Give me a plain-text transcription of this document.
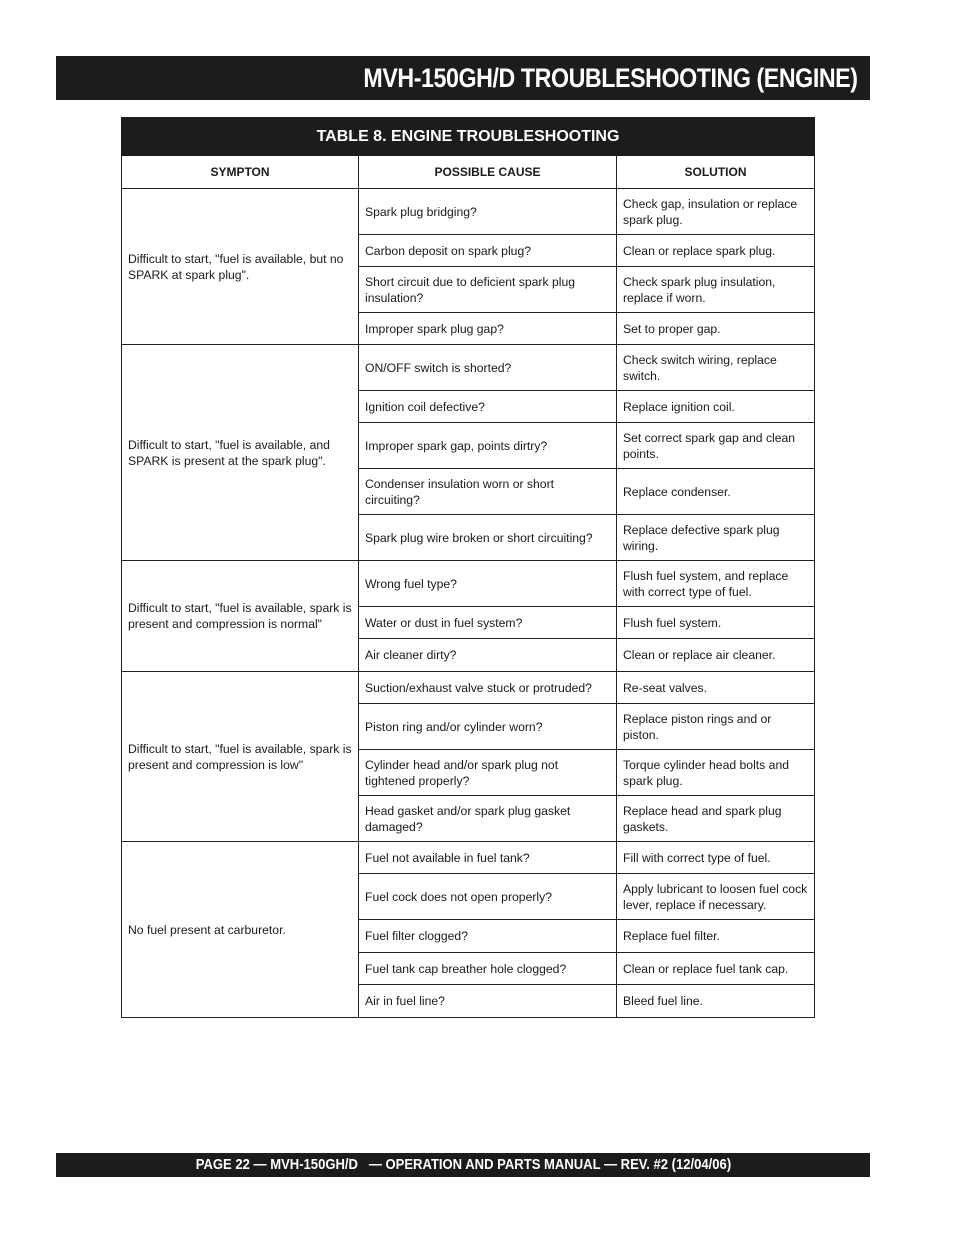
MVH-150GH/D TROUBLESHOOTING (ENGINE)
TABLE 8. ENGINE TROUBLESHOOTING		
SYMPTON	POSSIBLE CAUSE	SOLUTION
Difficult to start, "fuel is available, but no SPARK at spark plug".	Spark plug bridging?	Check gap, insulation or replace spark plug.
	Carbon deposit on spark plug?	Clean or replace spark plug.
	Short circuit due to deficient spark plug insulation?	Check spark plug insulation, replace if worn.
	Improper spark plug gap?	Set to proper gap.
Difficult to start, "fuel is available, and SPARK is present at the spark plug".	ON/OFF switch is shorted?	Check switch wiring, replace switch.
	Ignition coil defective?	Replace ignition coil.
	Improper spark gap, points dirtry?	Set correct spark gap and clean points.
	Condenser insulation worn or short circuiting?	Replace condenser.
	Spark plug wire broken or short circuiting?	Replace defective spark plug wiring.
Difficult to start, "fuel is available, spark is present and compression is normal"	Wrong fuel type?	Flush fuel system, and replace with correct type of fuel.
	Water or dust in fuel system?	Flush fuel system.
	Air cleaner dirty?	Clean or replace air cleaner.
Difficult to start, "fuel is available, spark is present and compression is low"	Suction/exhaust valve stuck or protruded?	Re-seat valves.
	Piston ring and/or cylinder worn?	Replace piston rings and or piston.
	Cylinder head and/or spark plug not tightened properly?	Torque cylinder head bolts and spark plug.
	Head gasket and/or spark plug gasket damaged?	Replace head and spark plug gaskets.
No fuel present at carburetor.	Fuel not available in fuel tank?	Fill with correct type of fuel.
	Fuel cock does not open properly?	Apply lubricant to loosen fuel cock lever, replace if necessary.
	Fuel filter clogged?	Replace fuel filter.
	Fuel tank cap breather hole clogged?	Clean or replace fuel tank cap.
	Air in fuel line?	Bleed fuel line.
PAGE 22 — MVH-150GH/D   — OPERATION AND PARTS MANUAL — REV. #2 (12/04/06)
